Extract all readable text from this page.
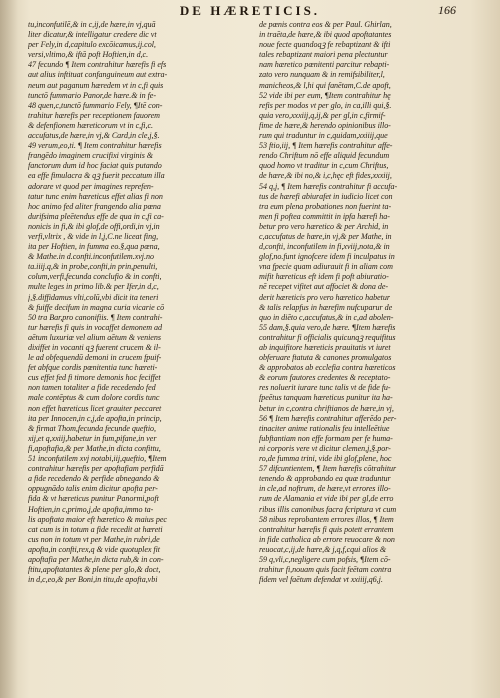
DE HÆRETICIS.	166
tu,inconfutilē,& in c,ij,de hære,in vj,quā
liter dicatur,& intelligatur credere dic vt
per Fely,in d,capitulo excōicamus,ij.col,
versi,vltimo,& iftā poft Hoftien,in d,c.
47 fecundo ¶ Item contrahitur hærefis fi efs
aut alius inftituat confanguineum aut extra-
neum aut paganum hæredem vt in c,fi quis
tunctō fummario Panor,de hære.& in fe-
48 quen,c,tunctō fummario Fely, ¶Itē con-
trahitur hærefis per receptionem fauorem
& defenfionem hæreticorum vt in c,fi,c.
accufatus,de hære,in vj,& Card,in cle,j,§.
49 verum,eo,ti. ¶ Item contrahitur hærefis
frangēdo imaginem crucifixi virginis &
fanctorum dum id hoc faciat quis putando
ea effe fimulacra & qꝫ fuerit peccatum illa
adorare vt quod per imagines reprefen-
tatur tunc enim hæreticus effet alias fi non
hoc animo fed aliter frangendo alia pœna
durifsima pleētendus effe de qua in c,fi ca-
nonicis in fi,& ibi glof,de offi,ordi,in vj,in
verfi,vltrix , & vide in l,j,C.ne liceat fing,
ita per Hoftien, in fumma eo.§,qua pœna,
& Mathe.in d.confti.inconfutilem.xvj.no
ta.iiij.q,& in probe,confti,in prin,penulti,
colum,verfi,fecunda conclufio & in confti,
multe leges in primo lib.& per Ifer,in d,c,
j,§.diffidamus vlti,colū,vbi dicit ita teneri
& fuiffe decifum in magna curia vicarie cō
50 tra Bar,pro canonifiis. ¶ Item contrahi-
tur hærefis fi quis in vocaffet demonem ad
aētum luxuriæ vel alium aētum & veniens
dixiffet in vocanti qꝫ fuerent crucem & il-
le ad obfequendū demoni in crucem fpuif-
fet abfque cordis pœnitentia tunc hæreti-
cus effet fed fi timore demonis hoc feciffet
non tamen totaliter a fide recedendo fed
male contēptus & cum dolore cordis tunc
non effet hæreticus licet grauiter peccaret
ita per Innocen,in c,j,de apofta,in princip,
& firmat Thom,fecunda fecunde queftio,
xij,et q,xxiij,habetur in fum,pifane,in ver
fi,apoftafia,& per Mathe,in dicta confittu,
51 inconfutilem xvj notabi,iij,queftio, ¶Item
contrahitur hærefis per apoftafiam perfidā
a fide recedendo & perfide abnegando &
oppugnādo talis enim dicitur apofta per-
fida & vt hæreticus punitur Panormi,poft
Hoftien,in c,primo,j,de apofta,immo ta-
lis apoftata maior eft hæretico & maius pec
cat cum is in totum a fide recedit at hæreti
cus non in totum vt per Mathe,in rubri,de
apofta,in confti,rex,q & vide quotuplex fit
apoftafia per Mathe,in dicta rub,& in con-
ftitu,apoftatantes & plene per glo,& doct,
in d,c,eo,& per Boni,in titu,de apofta,vbi
de pœnis contra eos & per Paul. Ghirlan,
in traēta,de hære,& ibi quod apoftatantes
noue fecte quandoqꝫ fe rebaptizant & ifti
tales rebaptizant maiori pena plectuntur
nam hæretico pœnitenti parcitur rebapti-
zato vero nunquam & in remifsibiliter,l,
manicheos,& l,hi qui fanētam,C.de apoft,
52 vide ibi per eum, ¶Item contrahitur hę
refis per modos vt per glo, in ca,illi qui,§.
quia vero,xxxiij,q,ij,& per gl,in c,firmif-
fime de hære,& herendo opinionibus illo-
rum qui traduntur in c,quidam,xxiiij,que
53 ftio,iij, ¶ Item hærefis contrahitur affe-
rendo Chriftum nō effe aliquid fecundum
quod homo vt traditur in c,cum Chriftus,
de hære,& ibi no,& i,c,hęc eft fides,xxxiij,
54 q,j, ¶ Item hærefis contrahitur fi accufa-
tus de hærefi abiurafet in iudicio licet con
tra eum plena probationes non fuerint ta-
men fi poftea committit in ipfa hærefi ha-
betur pro vero hæretico & per Archid, in
c,accufatus de hære,in vj,& per Mathe, in
d,confti, inconfutilem in fi,xviij,nota,& in
glof,no.funt ignofcere idem fi inculpatus in
vna fpecie quam adiurauit fi in aliam com
mifit hæreticus eft idem fi poft abiuratio-
nē recepet vifitet aut affociet & dona de-
derit hæreticis pro vero hæretico habetur
& talis relapfus in hærefim nufcuparur de
quo in diēto c,accufatus,& in c,ad abolen-
55 dam,§.quia vero,de hære. ¶Item hærefis
contrahitur fi officialis quicunqꝫ requifitus
ab inquifitore hæreticis prauitatis vt iuret
obferuare ftatuta & canones promulgatos
& approbatos ab ecclefia contra hæreticos
& eorum fautores credentes & receptato-
res noluerit iurare tunc talis vt de fide fu-
fpeētus tanquam hæreticus punitur ita ha-
betur in c,contra chriftianos de hære,in vj,
56 ¶ Item hærefis contrahitur afferēdo per-
tinaciter anime rationalis feu intelleētiue
fubftantiam non effe formam per fe huma-
ni corporis vere vt dicitur clemen,j,§.por-
ro,de fumma trini, vide ibi glof,plene, hoc
57 difcuntientem, ¶ Item hærefis cōtrahitur
tenendo & approbando ea quæ traduntur
in cle,ad noftrum, de hære,vt errores illo-
rum de Alamania et vide ibi per gl,de erro
ribus illis canonibus facra fcriptura vt cum
58 nibus reprobantem errores illos, ¶ Item
contrahitur hærefis fi quis potett errantem
in fide catholica ab errore reuocare & non
reuocat,c,ij,de hære,& j,q,f,cqui alios &
59 q,vli,c,negligere cum pofsis, ¶Item cō-
trahitur fi,nouam quis facit feētam contra
fidem vel faētum defendat vt xxiiij,q6,j.
